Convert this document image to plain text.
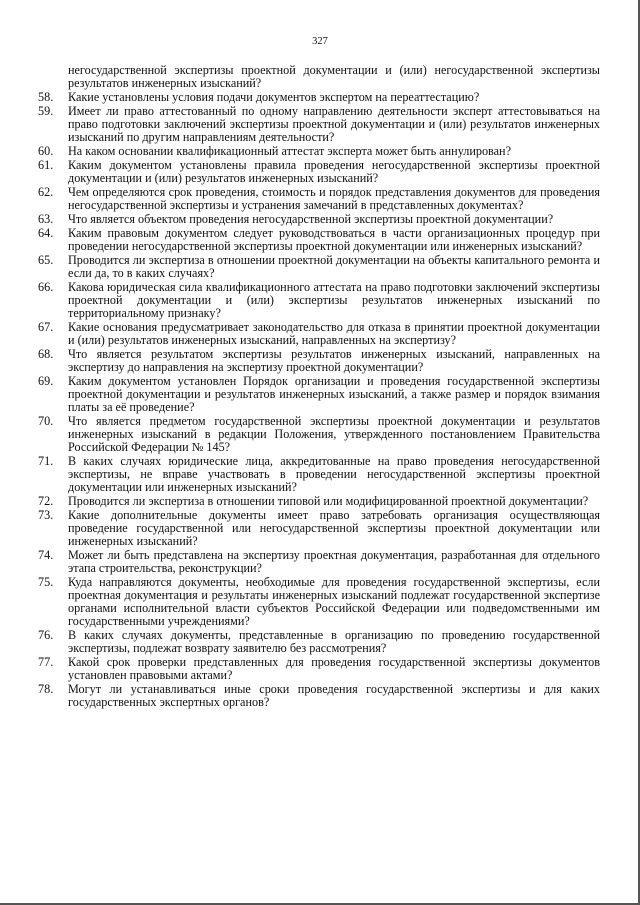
327
негосударственной экспертизы проектной документации и (или) негосударственной экспертизы результатов инженерных изысканий?
58.	Какие установлены условия подачи документов экспертом на переаттестацию?
59.	Имеет ли право аттестованный по одному направлению деятельности эксперт аттестовываться на право подготовки заключений экспертизы проектной документации и (или) результатов инженерных изысканий по другим направлениям деятельности?
60.	На каком основании квалификационный аттестат эксперта может быть аннулирован?
61.	Каким документом установлены правила проведения негосударственной экспертизы проектной документации и (или) результатов инженерных изысканий?
62.	Чем определяются срок проведения, стоимость и порядок представления документов для проведения негосударственной экспертизы и устранения замечаний в представленных документах?
63.	Что является объектом проведения негосударственной экспертизы проектной документации?
64.	Каким правовым документом следует руководствоваться в части организационных процедур при проведении негосударственной экспертизы проектной документации или инженерных изысканий?
65.	Проводится ли экспертиза в отношении проектной документации на объекты капитального ремонта и если да, то в каких случаях?
66.	Какова юридическая сила квалификационного аттестата на право подготовки заключений экспертизы проектной документации и (или) экспертизы результатов инженерных изысканий по территориальному признаку?
67.	Какие основания предусматривает законодательство для отказа в принятии проектной документации и (или) результатов инженерных изысканий, направленных на экспертизу?
68.	Что является результатом экспертизы результатов инженерных изысканий, направленных на экспертизу до направления на экспертизу проектной документации?
69.	Каким документом установлен Порядок организации и проведения государственной экспертизы проектной документации и результатов инженерных изысканий, а также размер и порядок взимания платы за её проведение?
70.	Что является предметом государственной экспертизы проектной документации и результатов инженерных изысканий в редакции Положения, утвержденного постановлением Правительства Российской Федерации № 145?
71.	В каких случаях юридические лица, аккредитованные на право проведения негосударственной экспертизы, не вправе участвовать в проведении негосударственной экспертизы проектной документации или инженерных изысканий?
72.	Проводится ли экспертиза в отношении типовой или модифицированной проектной документации?
73.	Какие дополнительные документы имеет право затребовать организация осуществляющая проведение государственной или негосударственной экспертизы проектной документации или инженерных изысканий?
74.	Может ли быть представлена на экспертизу проектная документация, разработанная для отдельного этапа строительства, реконструкции?
75.	Куда направляются документы, необходимые для проведения государственной экспертизы, если проектная документация и результаты инженерных изысканий подлежат государственной экспертизе органами исполнительной власти субъектов Российской Федерации или подведомственными им государственными учреждениями?
76.	В каких случаях документы, представленные в организацию по проведению государственной экспертизы, подлежат возврату заявителю без рассмотрения?
77.	Какой срок проверки представленных для проведения государственной экспертизы документов установлен правовыми актами?
78.	Могут ли устанавливаться иные сроки проведения государственной экспертизы и для каких государственных экспертных органов?
